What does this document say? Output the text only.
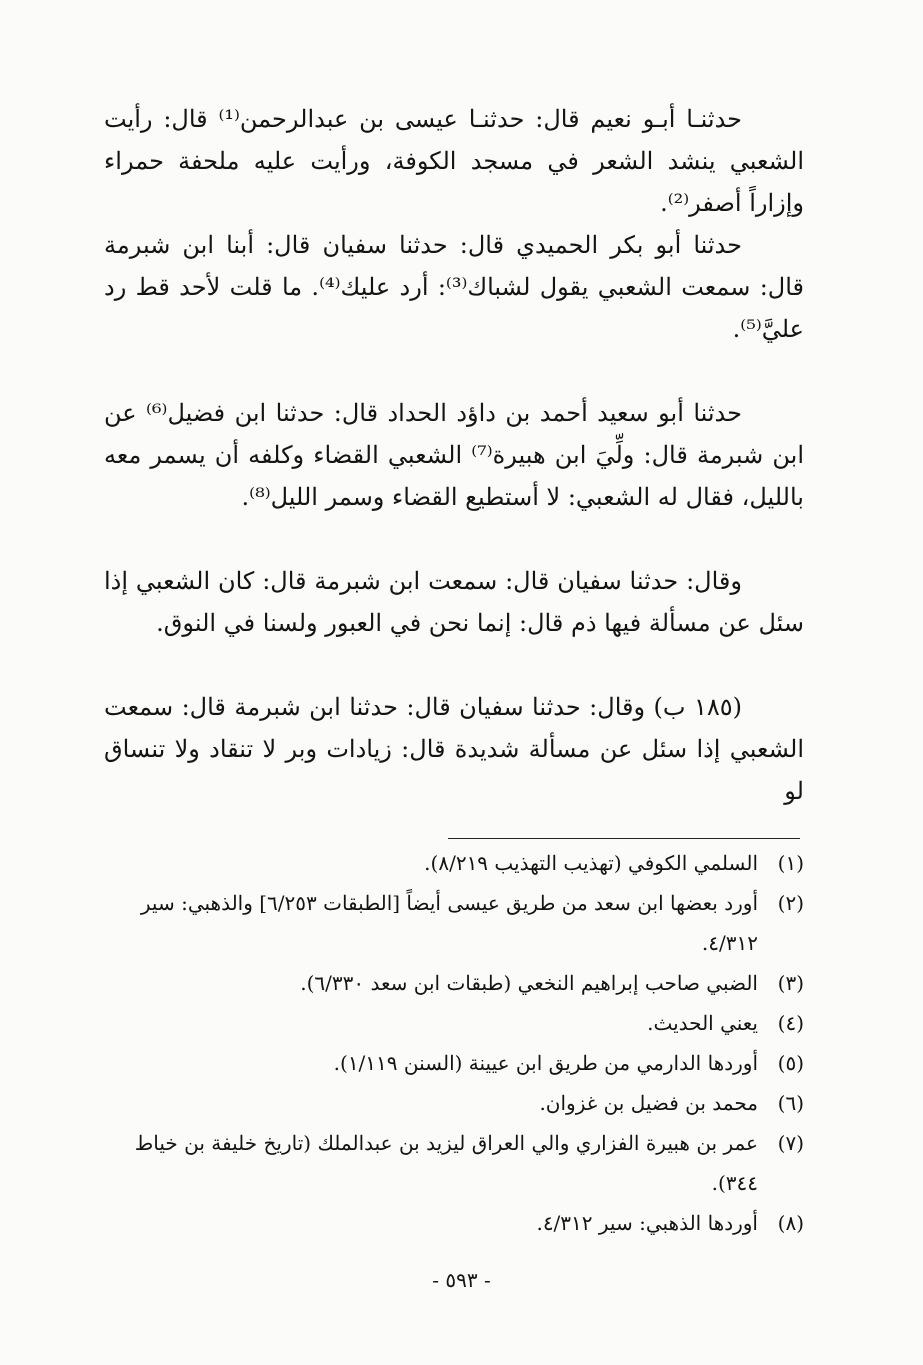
حدثنـا أبـو نعيم قال: حدثنـا عيسى بن عبدالرحمن⁽¹⁾ قال: رأيت الشعبي ينشد الشعر في مسجد الكوفة، ورأيت عليه ملحفة حمراء وإزاراً أصفر⁽²⁾.

حدثنا أبو بكر الحميدي قال: حدثنا سفيان قال: أبنا ابن شبرمة قال: سمعت الشعبي يقول لشباك⁽³⁾: أرد عليك⁽⁴⁾. ما قلت لأحد قط رد عليَّ⁽⁵⁾.

حدثنا أبو سعيد أحمد بن داؤد الحداد قال: حدثنا ابن فضيل⁽⁶⁾ عن ابن شبرمة قال: ولِّيَ ابن هبيرة⁽⁷⁾ الشعبي القضاء وكلفه أن يسمر معه بالليل، فقال له الشعبي: لا أستطيع القضاء وسمر الليل⁽⁸⁾.

وقال: حدثنا سفيان قال: سمعت ابن شبرمة قال: كان الشعبي إذا سئل عن مسألة فيها ذم قال: إنما نحن في العبور ولسنا في النوق.

(١٨٥ ب) وقال: حدثنا سفيان قال: حدثنا ابن شبرمة قال: سمعت الشعبي إذا سئل عن مسألة شديدة قال: زيادات وبر لا تنقاد ولا تنساق لو

(١)السلمي الكوفي (تهذيب التهذيب ٨/٢١٩).
(٢)أورد بعضها ابن سعد من طريق عيسى أيضاً [الطبقات ٦/٢٥٣] والذهبي: سير ٤/٣١٢.
(٣)الضبي صاحب إبراهيم النخعي (طبقات ابن سعد ٦/٣٣٠).
(٤)يعني الحديث.
(٥)أوردها الدارمي من طريق ابن عيينة (السنن ١/١١٩).
(٦)محمد بن فضيل بن غزوان.
(٧)عمر بن هبيرة الفزاري والي العراق ليزيد بن عبدالملك (تاريخ خليفة بن خياط ٣٤٤).
(٨)أوردها الذهبي: سير ٤/٣١٢.
- ٥٩٣ -
